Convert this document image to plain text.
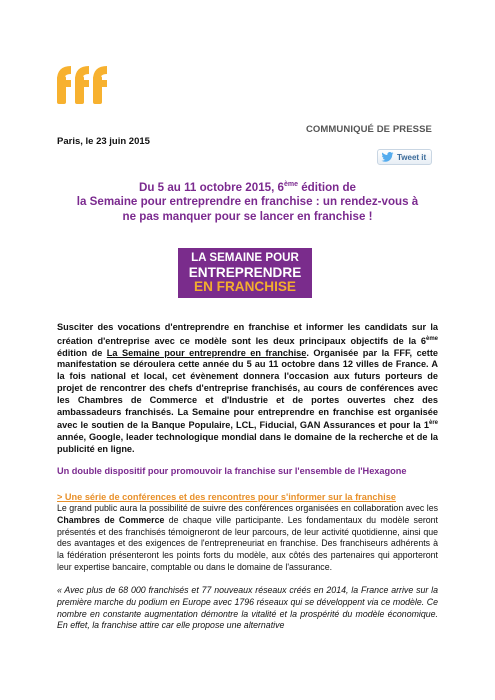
COMMUNIQUÉ DE PRESSE
Paris, le 23 juin 2015
Tweet it
Du 5 au 11 octobre 2015, 6ème édition de
la Semaine pour entreprendre en franchise : un rendez-vous à
ne pas manquer pour se lancer en franchise !
LA SEMAINE POUR
ENTREPRENDRE
EN FRANCHISE
Susciter des vocations d'entreprendre en franchise et informer les candidats sur la création d'entreprise avec ce modèle sont les deux principaux objectifs de la 6ème édition de La Semaine pour entreprendre en franchise. Organisée par la FFF, cette manifestation se déroulera cette année du 5 au 11 octobre dans 12 villes de France. A la fois national et local, cet évènement donnera l'occasion aux futurs porteurs de projet de rencontrer des chefs d'entreprise franchisés, au cours de conférences avec les Chambres de Commerce et d'Industrie et de portes ouvertes chez des ambassadeurs franchisés. La Semaine pour entreprendre en franchise est organisée avec le soutien de la Banque Populaire, LCL, Fiducial, GAN Assurances et pour la 1ère année, Google, leader technologique mondial dans le domaine de la recherche et de la publicité en ligne.
Un double dispositif pour promouvoir la franchise sur l'ensemble de l'Hexagone
> Une série de conférences et des rencontres pour s'informer sur la franchise
Le grand public aura la possibilité de suivre des conférences organisées en collaboration avec les Chambres de Commerce de chaque ville participante. Les fondamentaux du modèle seront présentés et des franchisés témoigneront de leur parcours, de leur activité quotidienne, ainsi que des avantages et des exigences de l'entrepreneuriat en franchise. Des franchiseurs adhérents à la fédération présenteront les points forts du modèle, aux côtés des partenaires qui apporteront leur expertise bancaire, comptable ou dans le domaine de l'assurance.
« Avec plus de 68 000 franchisés et 77 nouveaux réseaux créés en 2014, la France arrive sur la première marche du podium en Europe avec 1796 réseaux qui se développent via ce modèle. Ce nombre en constante augmentation démontre la vitalité et la prospérité du modèle économique. En effet, la franchise attire car elle propose une alternative
